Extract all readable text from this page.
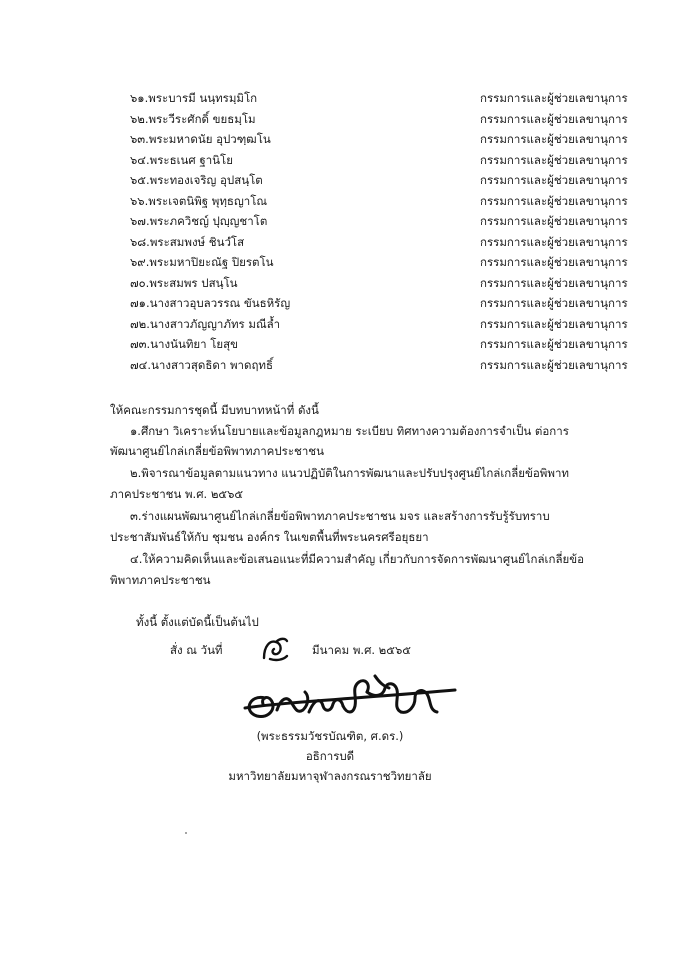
๖๑.พระบารมี นนฺทรมฺมิโก	กรรมการและผู้ช่วยเลขานุการ
๖๒.พระวีระศักดิ์ ขยธมฺโม	กรรมการและผู้ช่วยเลขานุการ
๖๓.พระมหาดนัย อุปวฑฺฒโน	กรรมการและผู้ช่วยเลขานุการ
๖๔.พระธเนศ ฐานิโย	กรรมการและผู้ช่วยเลขานุการ
๖๕.พระทองเจริญ อุปสนฺโต	กรรมการและผู้ช่วยเลขานุการ
๖๖.พระเจตนิพิฐ พุทฺธญาโณ	กรรมการและผู้ช่วยเลขานุการ
๖๗.พระภควิชญ์ ปุญฺญชาโต	กรรมการและผู้ช่วยเลขานุการ
๖๘.พระสมพงษ์ ชินวํโส	กรรมการและผู้ช่วยเลขานุการ
๖๙.พระมหาปิยะณัฐ ปิยรตโน	กรรมการและผู้ช่วยเลขานุการ
๗๐.พระสมพร ปสนฺโน	กรรมการและผู้ช่วยเลขานุการ
๗๑.นางสาวอุบลวรรณ ขันธหิรัญ	กรรมการและผู้ช่วยเลขานุการ
๗๒.นางสาวภัญญาภัทร มณีล้ำ	กรรมการและผู้ช่วยเลขานุการ
๗๓.นางนันทิยา โยสุข	กรรมการและผู้ช่วยเลขานุการ
๗๔.นางสาวสุดธิดา พาดฤทธิ์	กรรมการและผู้ช่วยเลขานุการ
ให้คณะกรรมการชุดนี้ มีบทบาทหน้าที่ ดังนี้
๑.ศึกษา วิเคราะห์นโยบายและข้อมูลกฎหมาย ระเบียบ ทิศทางความต้องการจำเป็น ต่อการ
พัฒนาศูนย์ไกล่เกลี่ยข้อพิพาทภาคประชาชน
๒.พิจารณาข้อมูลตามแนวทาง แนวปฏิบัติในการพัฒนาและปรับปรุงศูนย์ไกล่เกลี่ยข้อพิพาท
ภาคประชาชน พ.ศ. ๒๕๖๕
๓.ร่างแผนพัฒนาศูนย์ไกล่เกลี่ยข้อพิพาทภาคประชาชน มจร และสร้างการรับรู้รับทราบ
ประชาสัมพันธ์ให้กับ ชุมชน องค์กร ในเขตพื้นที่พระนครศรีอยุธยา
๔.ให้ความคิดเห็นและข้อเสนอแนะที่มีความสำคัญ เกี่ยวกับการจัดการพัฒนาศูนย์ไกล่เกลี่ยข้อ
พิพาทภาคประชาชน
ทั้งนี้ ตั้งแต่บัดนี้เป็นต้นไป
สั่ง ณ วันที่	มีนาคม พ.ศ. ๒๕๖๕
(พระธรรมวัชรบัณฑิต, ศ.ดร.)
อธิการบดี
มหาวิทยาลัยมหาจุฬาลงกรณราชวิทยาลัย
